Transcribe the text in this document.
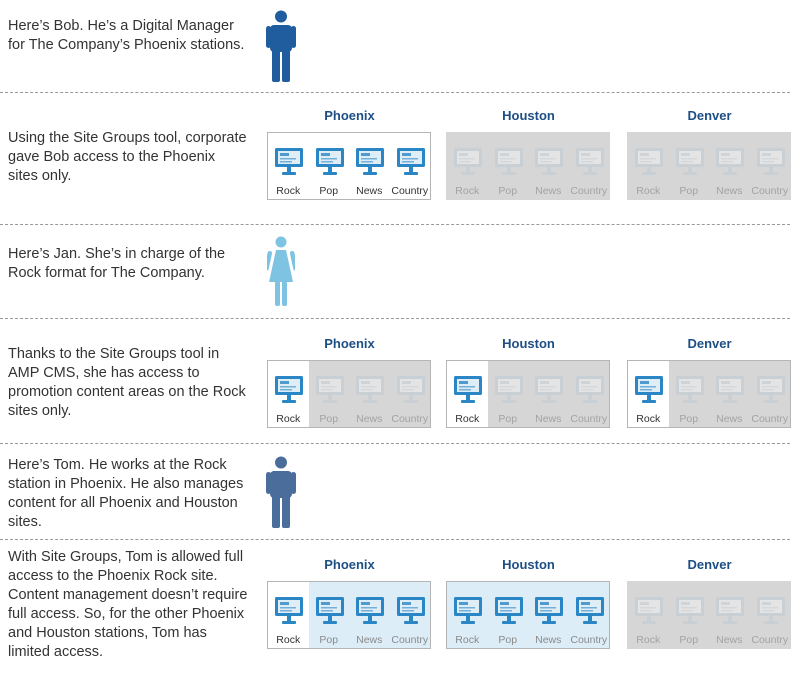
Here’s Bob. He’s a Digital Manager for The Company’s Phoenix stations.
Using the Site Groups tool, corporate gave Bob access to the Phoenix sites only.
Here’s Jan. She’s in charge of the Rock format for The Company.
Thanks to the Site Groups tool in AMP CMS, she has access to promotion content areas on the Rock sites only.
Here’s Tom. He works at the Rock station in Phoenix. He also manages content for all Phoenix and Houston sites.
With Site Groups, Tom is allowed full access to the Phoenix Rock site. Content management doesn’t require full access. So, for the other Phoenix and Houston stations, Tom has limited access.
Phoenix
Rock	Pop	News Country
Houston
Rock	Pop	News Country
Denver
Rock	Pop	News Country
Phoenix
Rock	Pop	News Country
Houston
Rock	Pop	News Country
Denver
Rock	Pop	News Country
Phoenix
Rock	Pop	News Country
Houston
Rock	Pop	News Country
Denver
Rock	Pop	News Country
